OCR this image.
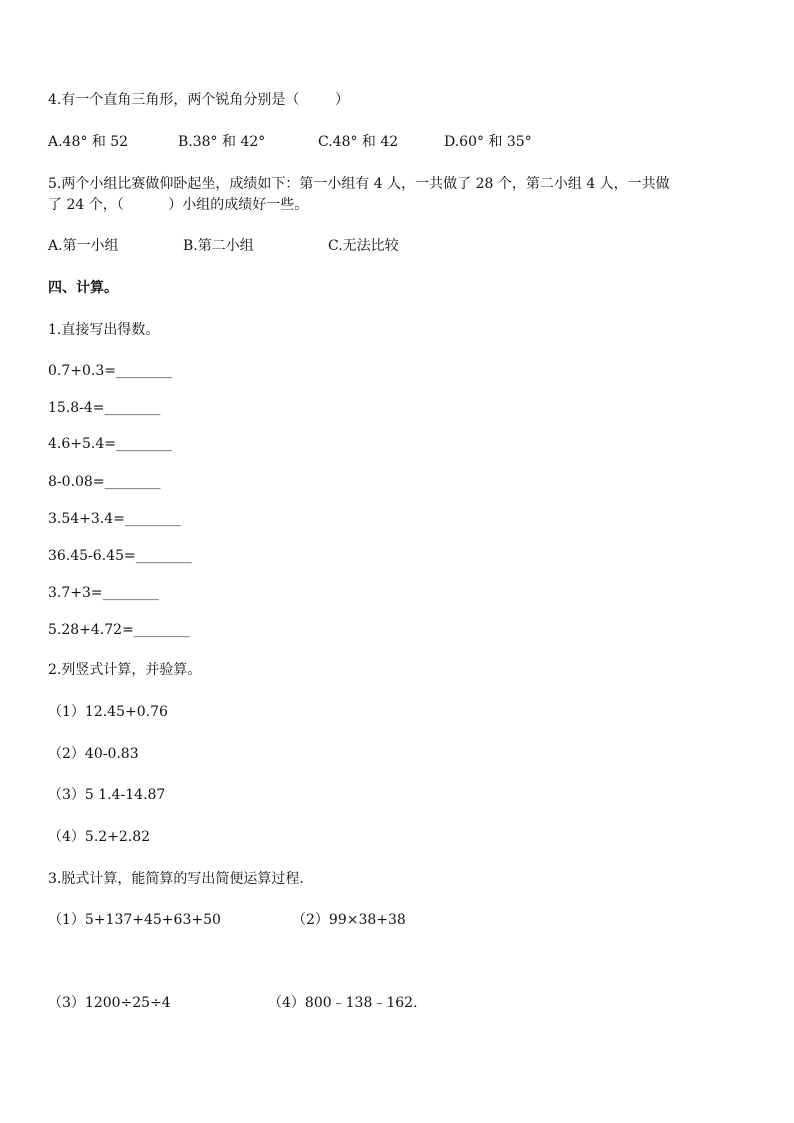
4.有一个直角三角形，两个锐角分别是（        ）
A.48° 和 52	B.38° 和 42°	C.48° 和 42	D.60° 和 35°
5.两个小组比赛做仰卧起坐，成绩如下：第一小组有 4 人，一共做了 28 个，第二小组 4 人，一共做
了 24 个，（          ）小组的成绩好一些。
A.第一小组	B.第二小组	C.无法比较
四、计算。
1.直接写出得数。
0.7+0.3=________
15.8-4=________
4.6+5.4=________
8-0.08=________
3.54+3.4=________
36.45-6.45=________
3.7+3=________
5.28+4.72=________
2.列竖式计算，并验算。
（1）12.45+0.76
（2）40-0.83
（3）5 1.4-14.87
（4）5.2+2.82
3.脱式计算，能简算的写出简便运算过程.
（1）5+137+45+63+50	（2）99×38+38
（3）1200÷25÷4	（4）800﹣138﹣162.
